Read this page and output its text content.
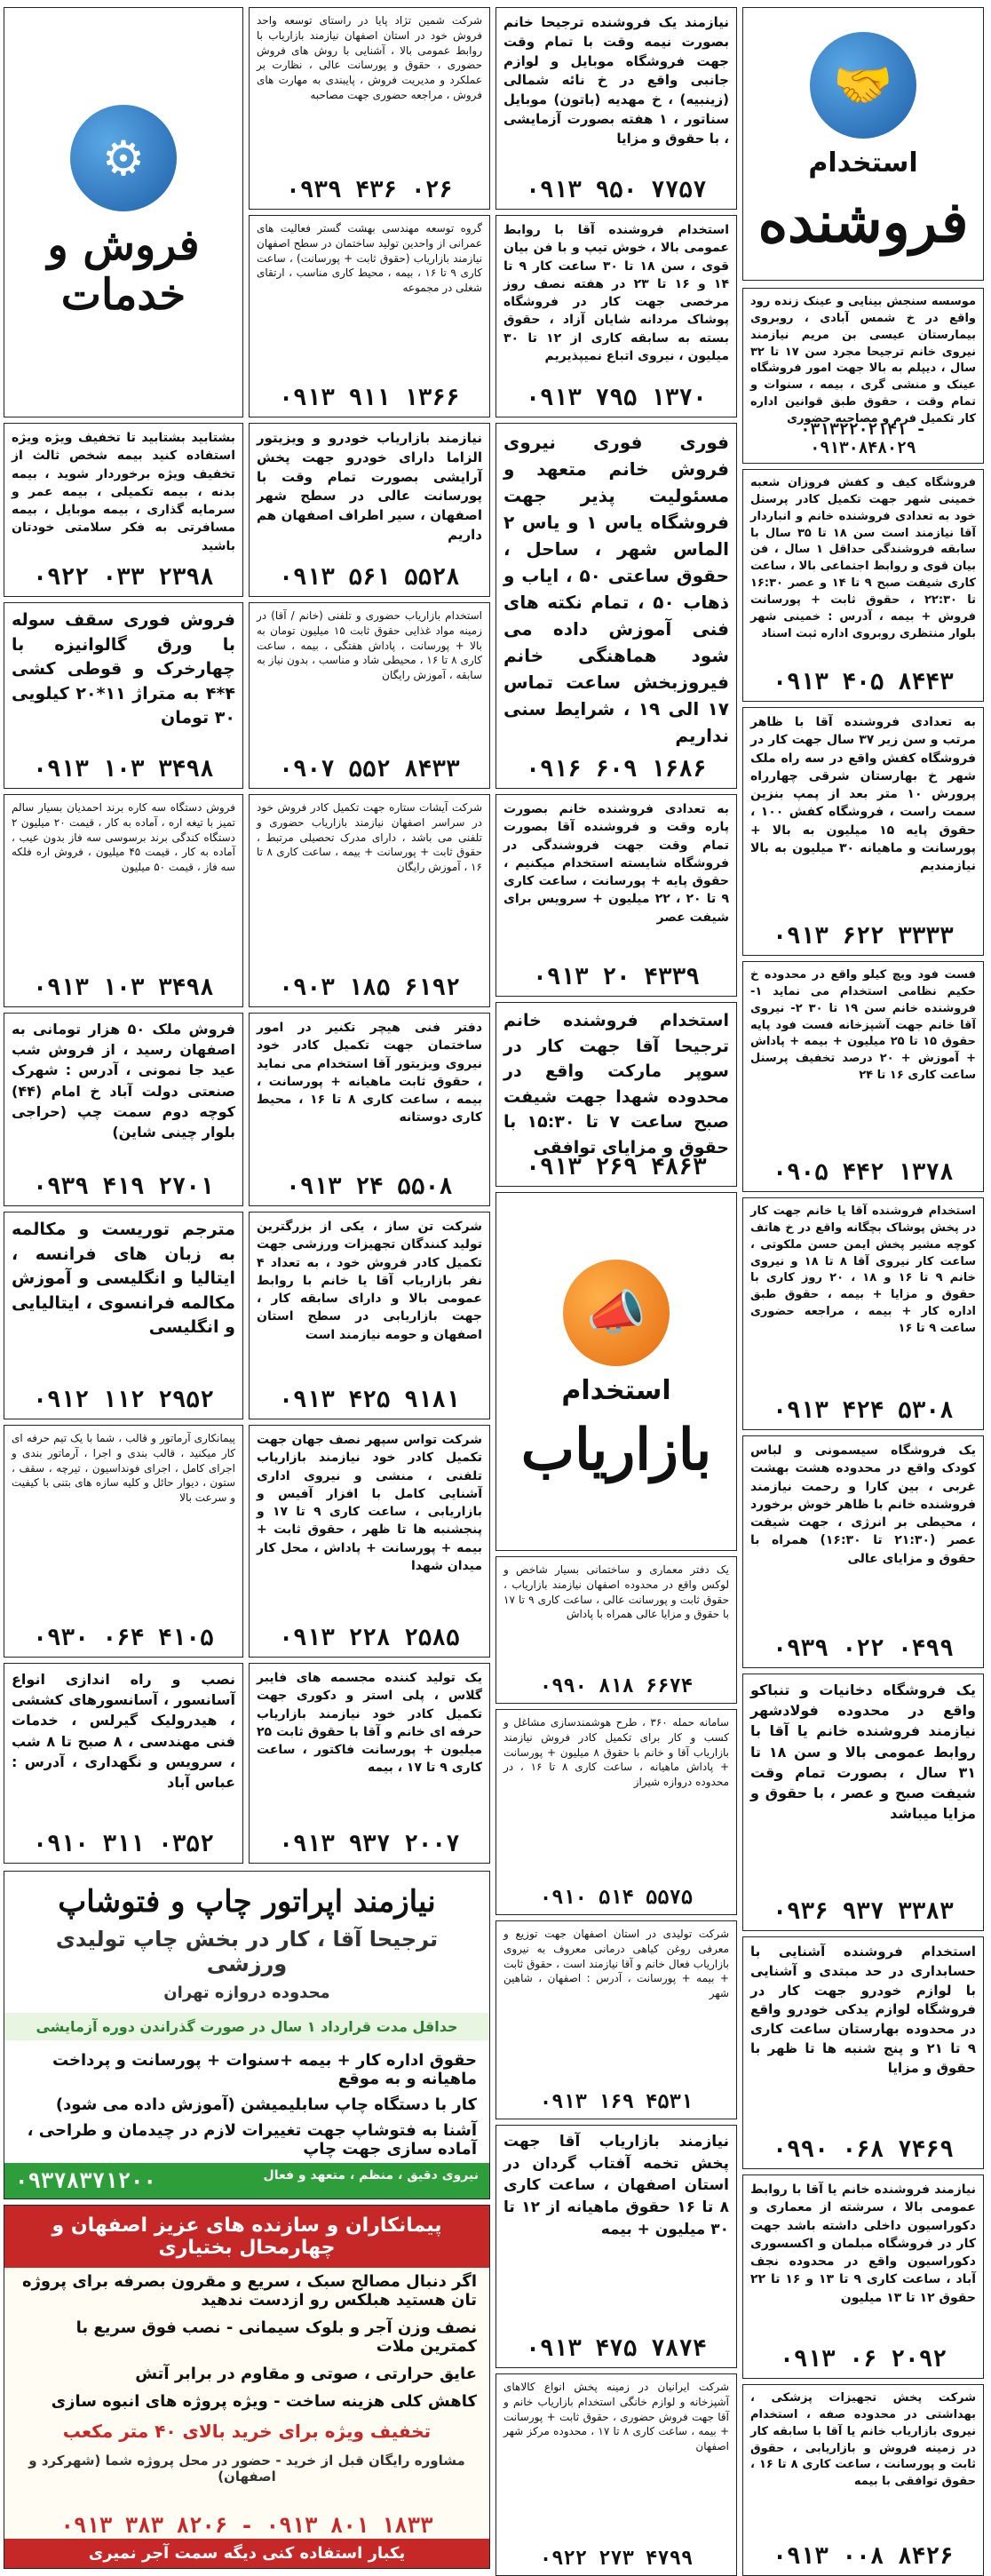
🤝
استخدام
فروشنده
موسسه سنجش بینایی و عینک زنده رود واقع در خ شمس آبادی ، روبروی بیمارستان عیسی بن مریم نیازمند نیروی خانم ترجیحا مجرد سن ۱۷ تا ۳۲ سال ، دیپلم به بالا جهت امور فروشگاه عینک و منشی گری ، بیمه ، سنوات و تمام وقت ، حقوق طبق قوانین اداره کار تکمیل فرم و مصاحبه حضوری
۰۳۱۳۲۲۰۲۱۴۱ - ۰۹۱۳۰۸۴۸۰۲۹
فروشگاه کیف و کفش فروزان شعبه خمینی شهر جهت تکمیل کادر پرسنل خود به تعدادی فروشنده خانم و انباردار آقا نیازمند است سن ۱۸ تا ۳۵ سال با سابقه فروشندگی حداقل ۱ سال ، فن بیان قوی و روابط اجتماعی بالا ، ساعت کاری شیفت صبح ۹ تا ۱۴ و عصر ۱۶:۳۰ تا ۲۲:۳۰ ، حقوق ثابت + پورسانت فروش + بیمه ، آدرس : خمینی شهر بلوار منتظری روبروی اداره ثبت اسناد
۰۹۱۳ ۴۰۵ ۸۴۴۳
به تعدادی فروشنده آقا با ظاهر مرتب و سن زیر ۳۷ سال جهت کار در فروشگاه کفش واقع در سه راه ملک شهر خ بهارستان شرقی چهارراه پرورش ۱۰ متر بعد از پمپ بنزین سمت راست ، فروشگاه کفش ۱۰۰ ، حقوق پایه ۱۵ میلیون به بالا + پورسانت و ماهیانه ۳۰ میلیون به بالا نیازمندیم
۰۹۱۳ ۶۲۲ ۳۳۳۳
فست فود ویچ کیلو واقع در محدوده خ حکیم نظامی استخدام می نماید ۱- فروشنده خانم سن ۱۹ تا ۳۰ ۲- نیروی آقا خانم جهت آشپزخانه فست فود پایه حقوق ۱۵ تا ۲۵ میلیون + بیمه + پاداش + آموزش + ۲۰ درصد تخفیف پرسنل ساعت کاری ۱۶ تا ۲۴
۰۹۰۵ ۴۴۲ ۱۳۷۸
استخدام فروشنده آقا یا خانم جهت کار در پخش پوشاک بچگانه واقع در خ هاتف کوچه مشیر پخش ایمن حسن ملکوتی ، ساعت کار نیروی آقا ۸ تا ۱۸ و نیروی خانم ۹ تا ۱۶ و ۱۸ ، ۲۰ روز کاری با حقوق و مزایا + بیمه ، حقوق طبق اداره کار + بیمه ، مراجعه حضوری ساعت ۹ تا ۱۶
۰۹۱۳ ۴۲۴ ۵۳۰۸
یک فروشگاه سیسمونی و لباس کودک واقع در محدوده هشت بهشت غربی ، بین کارا و رحمت نیازمند فروشنده خانم با ظاهر خوش برخورد ، محیطی بر انرژی ، جهت شیفت عصر (۲۱:۳۰ تا ۱۶:۳۰) همراه با حقوق و مزایای عالی
۰۹۳۹ ۰۲۲ ۰۴۹۹
یک فروشگاه دخانیات و تنباکو واقع در محدوده فولادشهر نیازمند فروشنده خانم یا آقا با روابط عمومی بالا و سن ۱۸ تا ۳۱ سال ، بصورت تمام وقت شیفت صبح و عصر ، با حقوق و مزایا میباشد
۰۹۳۶ ۹۳۷ ۳۳۸۳
استخدام فروشنده آشنایی با حسابداری در حد مبتدی و آشنایی با لوازم خودرو جهت کار در فروشگاه لوازم یدکی خودرو واقع در محدوده بهارستان ساعت کاری ۹ تا ۲۱ و پنج شنبه ها تا ظهر با حقوق و مزایا
۰۹۹۰ ۰۶۸ ۷۴۶۹
نیازمند فروشنده خانم یا آقا با روابط عمومی بالا ، سرشته از معماری و دکوراسیون داخلی داشته باشد جهت کار در فروشگاه مبلمان و اکسسوری دکوراسیون واقع در محدوده نجف آباد ، ساعت کاری ۹ تا ۱۳ و ۱۶ تا ۲۲ حقوق ۱۲ تا ۱۳ میلیون
۰۹۱۳ ۰۶ ۲۰۹۲
شرکت پخش تجهیزات پزشکی ، بهداشتی در محدوده صفه ، استخدام نیروی بازاریاب خانم یا آقا با سابقه کار در زمینه فروش و بازاریابی ، حقوق ثابت و پورسانت ، ساعت کاری ۸ تا ۱۶ ، حقوق توافقی با بیمه
۰۹۱۳ ۰۰۸ ۸۴۲۶
نیازمند یک فروشنده ترجیحا خانم بصورت نیمه وقت با تمام وقت جهت فروشگاه موبایل و لوازم جانبی واقع در خ نائه شمالی (زینبیه) ، خ مهدیه (باتون) موبایل سناتور ، ۱ هفته بصورت آزمایشی ، با حقوق و مزایا
۰۹۱۳ ۹۵۰ ۷۷۵۷
استخدام فروشنده آقا با روابط عمومی بالا ، خوش تیپ و با فن بیان قوی ، سن ۱۸ تا ۳۰ ساعت کار ۹ تا ۱۴ و ۱۶ تا ۲۳ در هفته نصف روز مرخصی جهت کار در فروشگاه پوشاک مردانه شایان آزاد ، حقوق بسته به سابقه کاری از ۱۲ تا ۳۰ میلیون ، نیروی اتباع نمیپذیریم
۰۹۱۳ ۷۹۵ ۱۳۷۰
فوری فوری نیروی فروش خانم متعهد و مسئولیت پذیر جهت فروشگاه یاس ۱ و یاس ۲ الماس شهر ، ساحل ، حقوق ساعتی ۵۰ ، ایاب و ذهاب ۵۰ ، تمام نکته های فنی آموزش داده می شود هماهنگی خانم فیروزبخش ساعت تماس ۱۷ الی ۱۹ ، شرایط سنی نداریم
۰۹۱۶ ۶۰۹ ۱۶۸۶
به تعدادی فروشنده خانم بصورت پاره وقت و فروشنده آقا بصورت تمام وقت جهت فروشندگی در فروشگاه شایسته استخدام میکنیم ، حقوق پایه + پورسانت ، ساعت کاری ۹ تا ۲۰ ، ۲۲ میلیون + سرویس برای شیفت عصر
۰۹۱۳ ۲۰ ۴۳۳۹
استخدام فروشنده خانم ترجیحا آقا جهت کار در سوپر مارکت واقع در محدوده شهدا جهت شیفت صبح ساعت ۷ تا ۱۵:۳۰ با حقوق و مزایای توافقی
۰۹۱۳ ۲۶۹ ۴۸۶۳
📣
استخدام
بازاریاب
یک دفتر معماری و ساختمانی بسیار شاخص و لوکس واقع در محدوده اصفهان نیازمند بازاریاب ، حقوق ثابت و پورسانت عالی ، ساعت کاری ۹ تا ۱۷ با حقوق و مزایا عالی همراه با پاداش
۰۹۹۰ ۸۱۸ ۶۶۷۴
سامانه حمله ۳۶۰ ، طرح هوشمندسازی مشاغل و کسب و کار برای تکمیل کادر فروش نیازمند بازاریاب آقا و خانم با حقوق ۸ میلیون + پورسانت + پاداش ماهیانه ، ساعت کاری ۸ تا ۱۶ ، در محدوده دروازه شیراز
۰۹۱۰ ۵۱۴ ۵۵۷۵
شرکت تولیدی در استان اصفهان جهت توزیع و معرفی روغن کیاهی درمانی معروف به نیروی بازاریاب فعال خانم و آقا نیازمند است ، حقوق ثابت + بیمه + پورسانت ، آدرس : اصفهان ، شاهین شهر
۰۹۱۳ ۱۶۹ ۴۵۳۱
نیازمند بازاریاب آقا جهت پخش تخمه آفتاب گردان در استان اصفهان ، ساعت کاری ۸ تا ۱۶ حقوق ماهیانه از ۱۲ تا ۳۰ میلیون + بیمه
۰۹۱۳ ۴۷۵ ۷۸۷۴
شرکت ایرانیان در زمینه پخش انواع کالاهای آشپزخانه و لوازم خانگی استخدام بازاریاب خانم و آقا جهت فروش حضوری ، حقوق ثابت + پورسانت + بیمه ، ساعت کاری ۸ تا ۱۷ ، محدوده مرکز شهر اصفهان
۰۹۲۲ ۲۷۳ ۴۷۹۹
شرکت شمین تژاد پایا در راستای توسعه واحد فروش خود در استان اصفهان نیازمند بازاریاب با روابط عمومی بالا ، آشنایی با روش های فروش حضوری ، حقوق و پورسانت عالی ، نظارت بر عملکرد و مدیریت فروش ، پایبندی به مهارت های فروش ، مراجعه حضوری جهت مصاحبه
۰۹۳۹ ۴۳۶ ۰۲۶
گروه توسعه مهندسی بهشت گستر فعالیت های عمرانی از واحدین تولید ساختمان در سطح اصفهان نیازمند بازاریاب (حقوق ثابت + پورسانت) ، ساعت کاری ۹ تا ۱۶ ، بیمه ، محیط کاری مناسب ، ارتقای شغلی در مجموعه
۰۹۱۳ ۹۱۱ ۱۳۶۶
نیازمند بازاریاب خودرو و ویزیتور الزاما دارای خودرو جهت پخش آرایشی بصورت تمام وقت با پورسانت عالی در سطح شهر اصفهان ، سیر اطراف اصفهان هم داریم
۰۹۱۳ ۵۶۱ ۵۵۲۸
استخدام بازاریاب حضوری و تلفنی (خانم / آقا) در زمینه مواد غذایی حقوق ثابت ۱۵ میلیون تومان به بالا + پورسانت ، پاداش هفتگی ، بیمه ، ساعت کاری ۸ تا ۱۶ ، محیطی شاد و مناسب ، بدون نیاز به سابقه ، آموزش رایگان
۰۹۰۷ ۵۵۲ ۸۴۳۳
شرکت آیشات ستاره جهت تکمیل کادر فروش خود در سراسر اصفهان نیازمند بازاریاب حضوری و تلفنی می باشد ، دارای مدرک تحصیلی مرتبط ، حقوق ثابت + پورسانت + بیمه ، ساعت کاری ۸ تا ۱۶ ، آموزش رایگان
۰۹۰۳ ۱۸۵ ۶۱۹۲
دفتر فنی هیچر تکنیر در امور ساختمان جهت تکمیل کادر خود نیروی ویزیتور آقا استخدام می نماید ، حقوق ثابت ماهیانه + پورسانت ، بیمه ، ساعت کاری ۸ تا ۱۶ ، محیط کاری دوستانه
۰۹۱۳ ۲۴ ۵۵۰۸
شرکت تن ساز ، یکی از بزرگترین تولید کنندگان تجهیزات ورزشی جهت تکمیل کادر فروش خود ، به تعداد ۴ نفر بازاریاب آقا یا خانم با روابط عمومی بالا و دارای سابقه کار ، جهت بازاریابی در سطح استان اصفهان و حومه نیازمند است
۰۹۱۳ ۴۲۵ ۹۱۸۱
شرکت تواس سپهر نصف جهان جهت تکمیل کادر خود نیازمند بازاریاب تلفنی ، منشی و نیروی اداری آشنایی کامل با افزار آفیس و بازاریابی ، ساعت کاری ۹ تا ۱۷ و پنجشنبه ها تا ظهر ، حقوق ثابت + بیمه + پورسانت + پاداش ، محل کار میدان شهدا
۰۹۱۳ ۲۲۸ ۲۵۸۵
یک تولید کننده مجسمه های فایبر گلاس ، پلی استر و دکوری جهت تکمیل کادر خود نیازمند بازاریاب حرفه ای خانم و آقا با حقوق ثابت ۲۵ میلیون + پورسانت فاکتور ، ساعت کاری ۹ تا ۱۷ ، بیمه
۰۹۱۳ ۹۳۷ ۲۰۰۷
⚙
فروش و خدمات
بشتابید بشتابید تا تخفیف ویژه ویژه استفاده کنید بیمه شخص ثالث از تخفیف ویژه برخوردار شوید ، بیمه بدنه ، بیمه تکمیلی ، بیمه عمر و سرمایه گذاری ، بیمه موبایل ، بیمه مسافرتی به فکر سلامتی خودتان باشید
۰۹۲۲ ۰۳۳ ۲۳۹۸
فروش فوری سقف سوله با ورق گالوانیزه با چهارخرک و قوطی کشی ۴*۴ به متراژ ۱۱*۲۰ کیلویی ۳۰ تومان
۰۹۱۳ ۱۰۳ ۳۴۹۸
فروش دستگاه سه کاره برند احمدیان بسیار سالم تمیز با تیغه اره ، آماده به کار ، قیمت ۲۰ میلیون ۲ دستگاه کندگی برند برسوسی سه فاز بدون عیب ، آماده به کار ، قیمت ۴۵ میلیون ، فروش اره فلکه سه فاز ، قیمت ۵۰ میلیون
۰۹۱۳ ۱۰۳ ۳۴۹۸
فروش ملک ۵۰ هزار تومانی به اصفهان رسید ، از فروش شب عید جا نمونی ، آدرس : شهرک صنعتی دولت آباد خ امام (۴۴) کوچه دوم سمت چپ (حراجی بلوار چینی شاین)
۰۹۳۹ ۴۱۹ ۲۷۰۱
مترجم توریست و مکالمه به زبان های فرانسه ، ایتالیا و انگلیسی و آموزش مکالمه فرانسوی ، ایتالیایی و انگلیسی
۰۹۱۲ ۱۱۲ ۲۹۵۲
پیمانکاری آرماتور و قالب ، شما با یک تیم حرفه ای کار میکنید ، قالب بندی و اجرا ، آرماتور بندی و اجرای کامل ، اجرای فونداسیون ، تیرچه ، سقف ، ستون ، دیوار حائل و کلیه سازه های بتنی با کیفیت و سرعت بالا
۰۹۳۰ ۰۶۴ ۴۱۰۵
نصب و راه اندازی انواع آسانسور ، آسانسورهای کششی ، هیدرولیک گیرلس ، خدمات فنی مهندسی ، ۸ صبح تا ۸ شب ، سرویس و نگهداری ، آدرس : عباس آباد
۰۹۱۰ ۳۱۱ ۰۳۵۲
نیازمند اپراتور چاپ و فتوشاپ
ترجیحا آقا ، کار در بخش چاپ تولیدی ورزشی
محدوده دروازه تهران
حداقل مدت قرارداد ۱ سال در صورت گذراندن دوره آزمایشی
حقوق اداره کار + بیمه +سنوات + پورسانت و پرداخت ماهیانه و به موقع
کار با دستگاه چاپ سابلیمیشن (آموزش داده می شود)
آشنا به فتوشاپ جهت تغییرات لازم در چیدمان و طراحی ، آماده سازی جهت چاپ
۰۹۳۷۸۳۷۱۲۰۰	نیروی دقیق ، منظم ، متعهد و فعال
پیمانکاران و سازنده های عزیز اصفهان و چهارمحال بختیاری
اگر دنبال مصالح سبک ، سریع و مقرون بصرفه برای پروژه تان هستید هبلکس رو ازدست ندهید
نصف وزن آجر و بلوک سیمانی - نصب فوق سریع با کمترین ملات
عایق حرارتی ، صوتی و مقاوم در برابر آتش
کاهش کلی هزینه ساخت - ویژه پروژه های انبوه سازی
تخفیف ویژه برای خرید بالای ۴۰ متر مکعب
مشاوره رایگان قبل از خرید - حضور در محل پروژه شما (شهرکرد و اصفهان)
۰۹۱۳ ۳۸۳ ۸۲۰۶ - ۰۹۱۳ ۸۰۱ ۱۸۳۳
یکبار استفاده کنی دیگه سمت آجر نمیری
